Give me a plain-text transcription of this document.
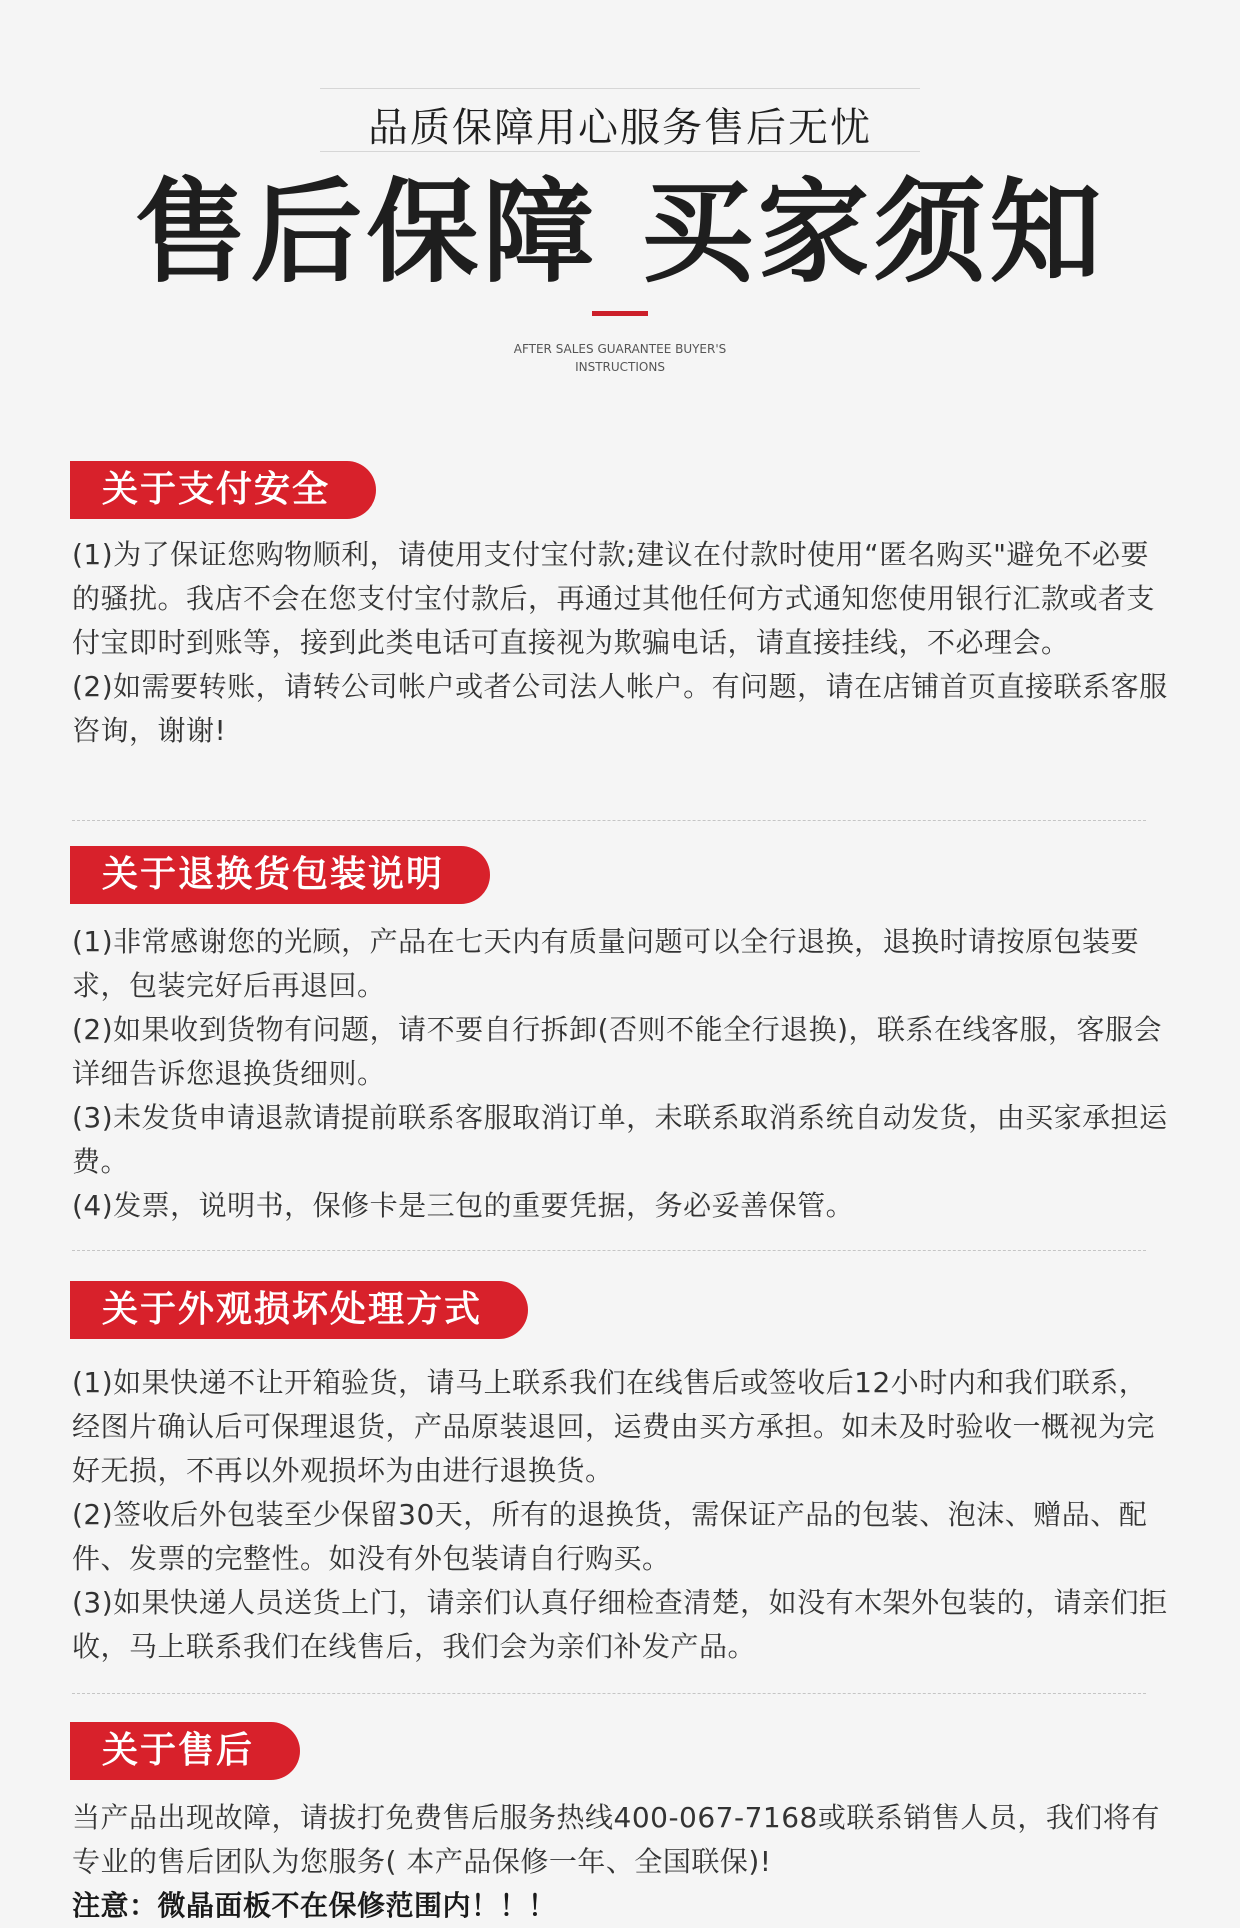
品质保障用心服务售后无忧
售后保障 买家须知
AFTER SALES GUARANTEE BUYER'S
INSTRUCTIONS
关于支付安全

(1)为了保证您购物顺利，请使用支付宝付款;建议在付款时使用“匿名购买"避免不必要的骚扰。我店不会在您支付宝付款后，再通过其他任何方式通知您使用银行汇款或者支付宝即时到账等，接到此类电话可直接视为欺骗电话，请直接挂线，不必理会。

(2)如需要转账，请转公司帐户或者公司法人帐户。有问题，请在店铺首页直接联系客服咨询，谢谢!

关于退换货包装说明

(1)非常感谢您的光顾，产品在七天内有质量问题可以全行退换，退换时请按原包装要求，包装完好后再退回。

(2)如果收到货物有问题，请不要自行拆卸(否则不能全行退换)，联系在线客服，客服会详细告诉您退换货细则。

(3)未发货申请退款请提前联系客服取消订单，未联系取消系统自动发货，由买家承担运费。

(4)发票，说明书，保修卡是三包的重要凭据，务必妥善保管。

关于外观损坏处理方式

(1)如果快递不让开箱验货，请马上联系我们在线售后或签收后12小时内和我们联系，经图片确认后可保理退货，产品原装退回，运费由买方承担。如未及时验收一概视为完好无损，不再以外观损坏为由进行退换货。

(2)签收后外包装至少保留30天，所有的退换货，需保证产品的包装、泡沫、赠品、配件、发票的完整性。如没有外包装请自行购买。

(3)如果快递人员送货上门，请亲们认真仔细检查清楚，如没有木架外包装的，请亲们拒收，马上联系我们在线售后，我们会为亲们补发产品。

关于售后

当产品出现故障，请拔打免费售后服务热线400-067-7168或联系销售人员，我们将有专业的售后团队为您服务( 本产品保修一年、全国联保)!

注意：微晶面板不在保修范围内！！！
